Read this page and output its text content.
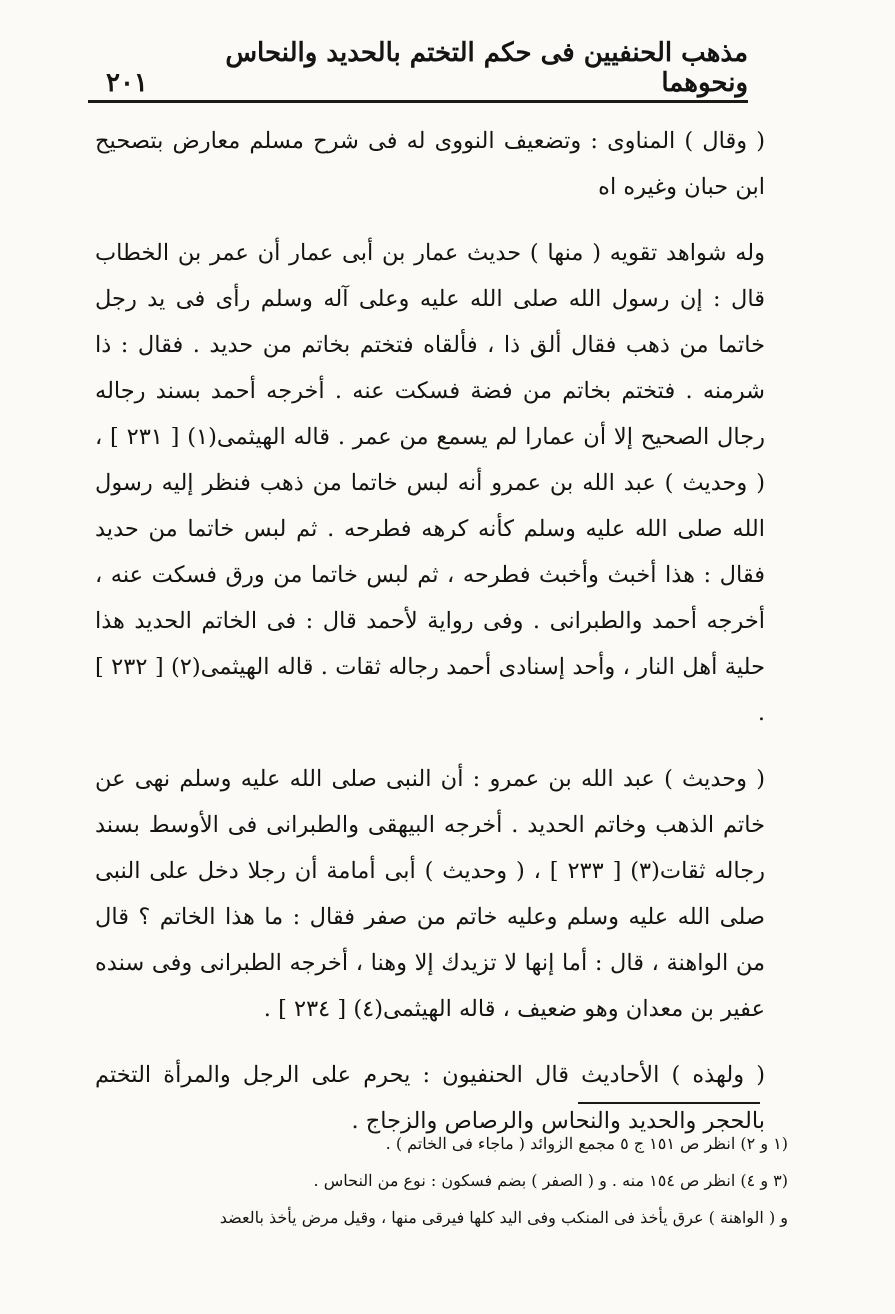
مذهب الحنفيين فى حكم التختم بالحديد والنحاس ونحوهما
٢٠١

( وقال ) المناوى : وتضعيف النووى له فى شرح مسلم معارض بتصحيح ابن حبان وغيره اه

وله شواهد تقويه ( منها ) حديث عمار بن أبى عمار أن عمر بن الخطاب قال : إن رسول الله صلى الله عليه وعلى آله وسلم رأى فى يد رجل خاتما من ذهب فقال ألق ذا ، فألقاه فتختم بخاتم من حديد . فقال : ذا شرمنه . فتختم بخاتم من فضة فسكت عنه . أخرجه أحمد بسند رجاله رجال الصحيح إلا أن عمارا لم يسمع من عمر . قاله الهيثمى(١) [ ٢٣١ ] ، ( وحديث ) عبد الله بن عمرو أنه لبس خاتما من ذهب فنظر إليه رسول الله صلى الله عليه وسلم كأنه كرهه فطرحه . ثم لبس خاتما من حديد فقال : هذا أخبث وأخبث فطرحه ، ثم لبس خاتما من ورق فسكت عنه ، أخرجه أحمد والطبرانى . وفى رواية لأحمد قال : فى الخاتم الحديد هذا حلية أهل النار ، وأحد إسنادى أحمد رجاله ثقات . قاله الهيثمى(٢) [ ٢٣٢ ] .

( وحديث ) عبد الله بن عمرو : أن النبى صلى الله عليه وسلم نهى عن خاتم الذهب وخاتم الحديد . أخرجه البيهقى والطبرانى فى الأوسط بسند رجاله ثقات(٣) [ ٢٣٣ ] ، ( وحديث ) أبى أمامة أن رجلا دخل على النبى صلى الله عليه وسلم وعليه خاتم من صفر فقال : ما هذا الخاتم ؟ قال من الواهنة ، قال : أما إنها لا تزيدك إلا وهنا ، أخرجه الطبرانى وفى سنده عفير بن معدان وهو ضعيف ، قاله الهيثمى(٤) [ ٢٣٤ ] .

( ولهذه ) الأحاديث قال الحنفيون : يحرم على الرجل والمرأة التختم بالحجر والحديد والنحاس والرصاص والزجاج .

(١ و ٢) انظر ص ١٥١ ج ٥ مجمع الزوائد ( ماجاء فى الخاتم ) .
(٣ و ٤) انظر ص ١٥٤ منه . و ( الصفر ) بضم فسكون : نوع من النحاس .
و ( الواهنة ) عرق يأخذ فى المنكب وفى اليد كلها فيرقى منها ، وقيل مرض يأخذ بالعضد
